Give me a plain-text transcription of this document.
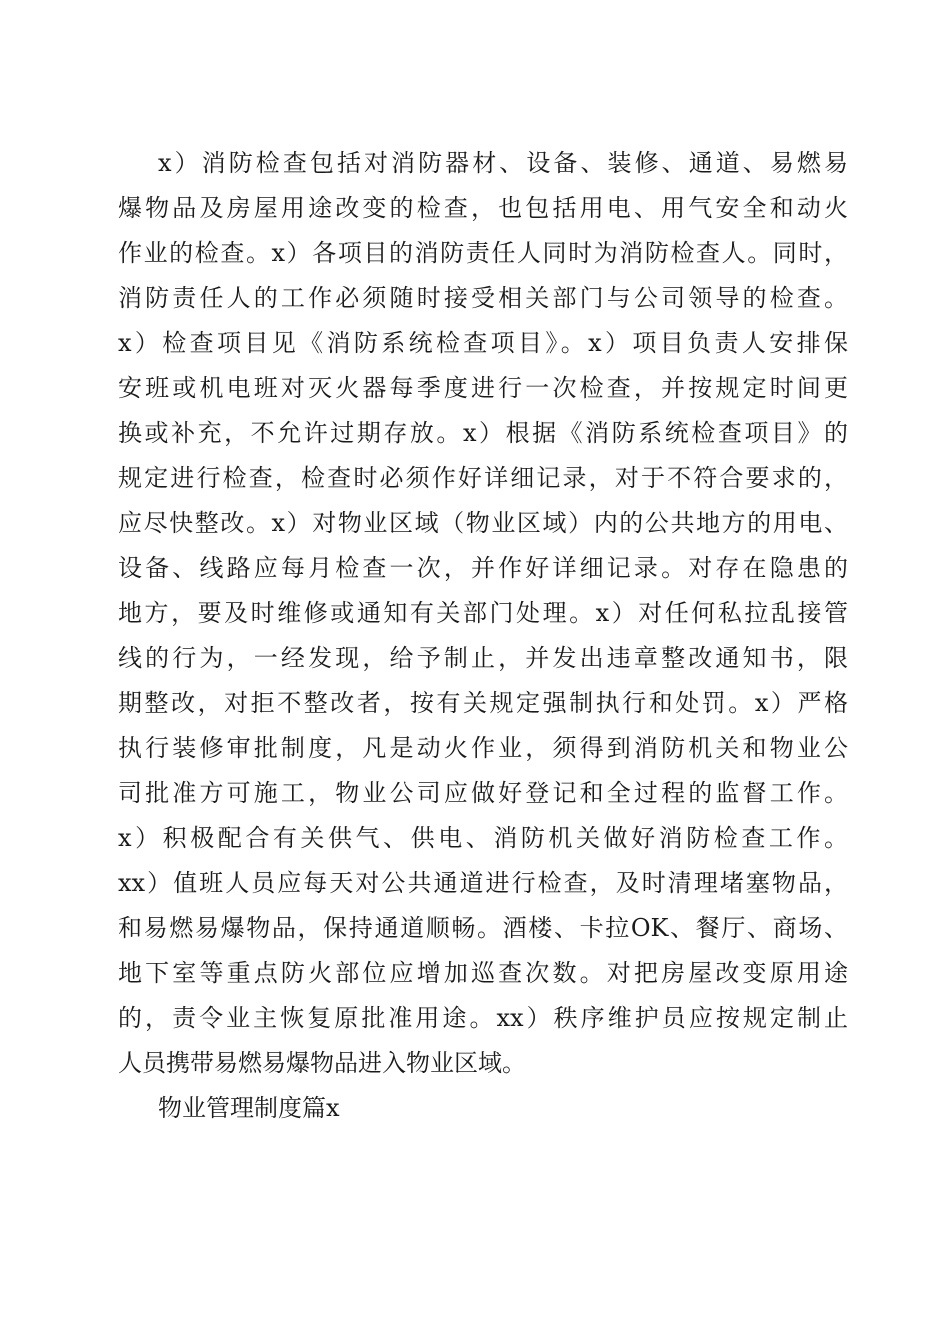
x）消防检查包括对消防器材、设备、装修、通道、易燃易
爆物品及房屋用途改变的检查，也包括用电、用气安全和动火
作业的检查。x）各项目的消防责任人同时为消防检查人。同时，
消防责任人的工作必须随时接受相关部门与公司领导的检查。
x）检查项目见《消防系统检查项目》。x）项目负责人安排保
安班或机电班对灭火器每季度进行一次检查，并按规定时间更
换或补充，不允许过期存放。x）根据《消防系统检查项目》的
规定进行检查，检查时必须作好详细记录，对于不符合要求的，
应尽快整改。x）对物业区域（物业区域）内的公共地方的用电、
设备、线路应每月检查一次，并作好详细记录。对存在隐患的
地方，要及时维修或通知有关部门处理。x）对任何私拉乱接管
线的行为，一经发现，给予制止，并发出违章整改通知书，限
期整改，对拒不整改者，按有关规定强制执行和处罚。x）严格
执行装修审批制度，凡是动火作业，须得到消防机关和物业公
司批准方可施工，物业公司应做好登记和全过程的监督工作。
x）积极配合有关供气、供电、消防机关做好消防检查工作。
xx）值班人员应每天对公共通道进行检查，及时清理堵塞物品，
和易燃易爆物品，保持通道顺畅。酒楼、卡拉OK、餐厅、商场、
地下室等重点防火部位应增加巡查次数。对把房屋改变原用途
的，责令业主恢复原批准用途。xx）秩序维护员应按规定制止
人员携带易燃易爆物品进入物业区域。
物业管理制度篇x
